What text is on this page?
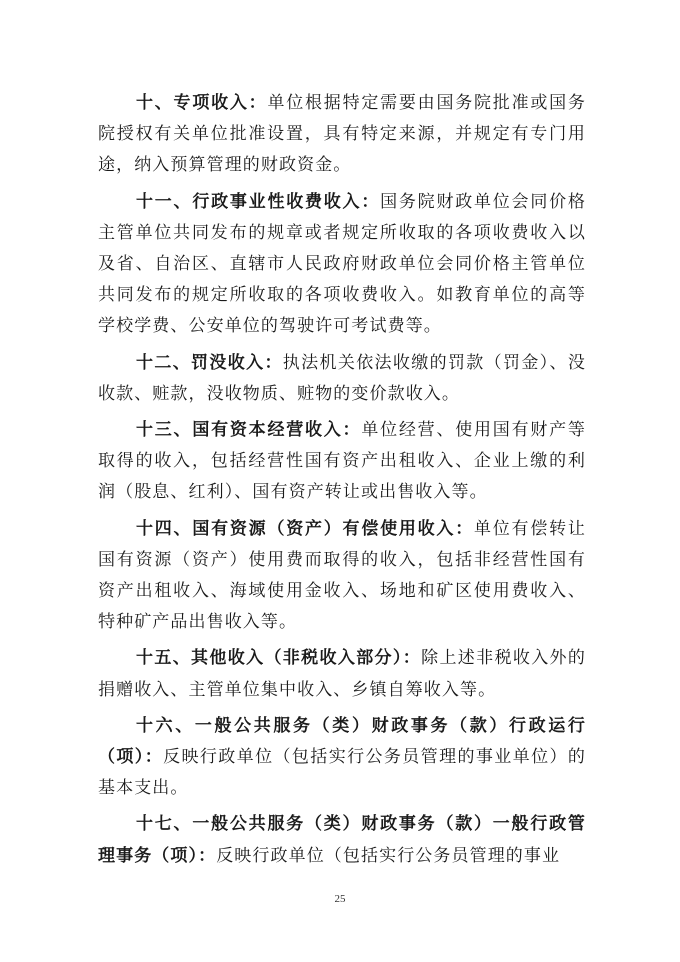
十、专项收入：单位根据特定需要由国务院批准或国务院授权有关单位批准设置，具有特定来源，并规定有专门用途，纳入预算管理的财政资金。

十一、行政事业性收费收入：国务院财政单位会同价格主管单位共同发布的规章或者规定所收取的各项收费收入以及省、自治区、直辖市人民政府财政单位会同价格主管单位共同发布的规定所收取的各项收费收入。如教育单位的高等学校学费、公安单位的驾驶许可考试费等。

十二、罚没收入：执法机关依法收缴的罚款（罚金）、没收款、赃款，没收物质、赃物的变价款收入。

十三、国有资本经营收入：单位经营、使用国有财产等取得的收入，包括经营性国有资产出租收入、企业上缴的利润（股息、红利）、国有资产转让或出售收入等。

十四、国有资源（资产）有偿使用收入：单位有偿转让国有资源（资产）使用费而取得的收入，包括非经营性国有资产出租收入、海域使用金收入、场地和矿区使用费收入、特种矿产品出售收入等。

十五、其他收入（非税收入部分）：除上述非税收入外的捐赠收入、主管单位集中收入、乡镇自筹收入等。

十六、一般公共服务（类）财政事务（款）行政运行（项）：反映行政单位（包括实行公务员管理的事业单位）的基本支出。

十七、一般公共服务（类）财政事务（款）一般行政管理事务（项）：反映行政单位（包括实行公务员管理的事业

25
